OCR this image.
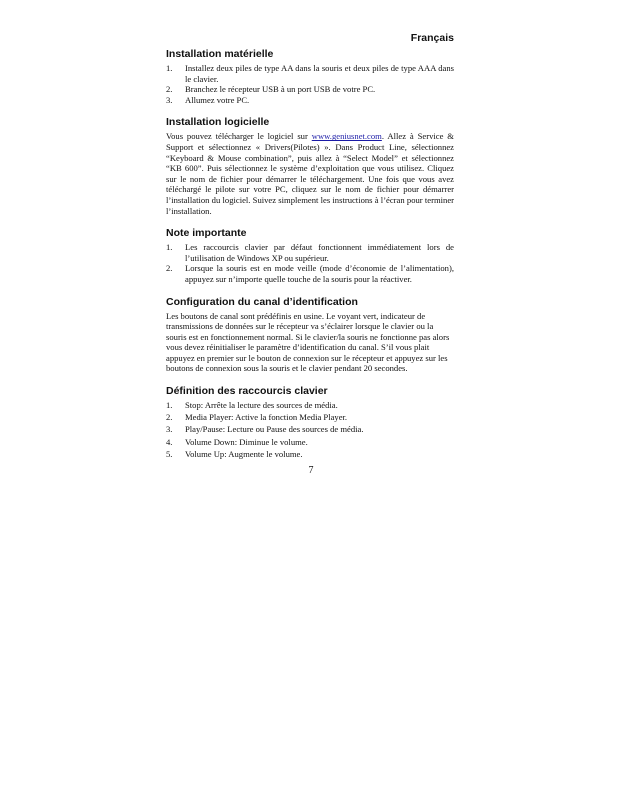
Français
Installation matérielle
1. Installez deux piles de type AA dans la souris et deux piles de type AAA dans le clavier.
2. Branchez le récepteur USB à un port USB de votre PC.
3. Allumez votre PC.
Installation logicielle

Vous pouvez télécharger le logiciel sur www.geniusnet.com. Allez à Service & Support et sélectionnez « Drivers(Pilotes) ». Dans Product Line, sélectionnez “Keyboard & Mouse combination”, puis allez à “Select Model” et sélectionnez “KB 600”. Puis sélectionnez le système d’exploitation que vous utilisez. Cliquez sur le nom de fichier pour démarrer le téléchargement. Une fois que vous avez téléchargé le pilote sur votre PC, cliquez sur le nom de fichier pour démarrer l’installation du logiciel. Suivez simplement les instructions à l’écran pour terminer l’installation.

Note importante
1. Les raccourcis clavier par défaut fonctionnent immédiatement lors de l’utilisation de Windows XP ou supérieur.
2. Lorsque la souris est en mode veille (mode d’économie de l’alimentation), appuyez sur n’importe quelle touche de la souris pour la réactiver.
Configuration du canal d’identification

Les boutons de canal sont prédéfinis en usine. Le voyant vert, indicateur de transmissions de données sur le récepteur va s’éclairer lorsque le clavier ou la souris est en fonctionnement normal. Si le clavier/la souris ne fonctionne pas alors vous devez réinitialiser le paramètre d’identification du canal. S’il vous plait appuyez en premier sur le bouton de connexion sur le récepteur et appuyez sur les boutons de connexion sous la souris et le clavier pendant 20 secondes.

Définition des raccourcis clavier
1. Stop: Arrête la lecture des sources de média.
2. Media Player: Active la fonction Media Player.
3. Play/Pause: Lecture ou Pause des sources de média.
4. Volume Down: Diminue le volume.
5. Volume Up: Augmente le volume.
7
